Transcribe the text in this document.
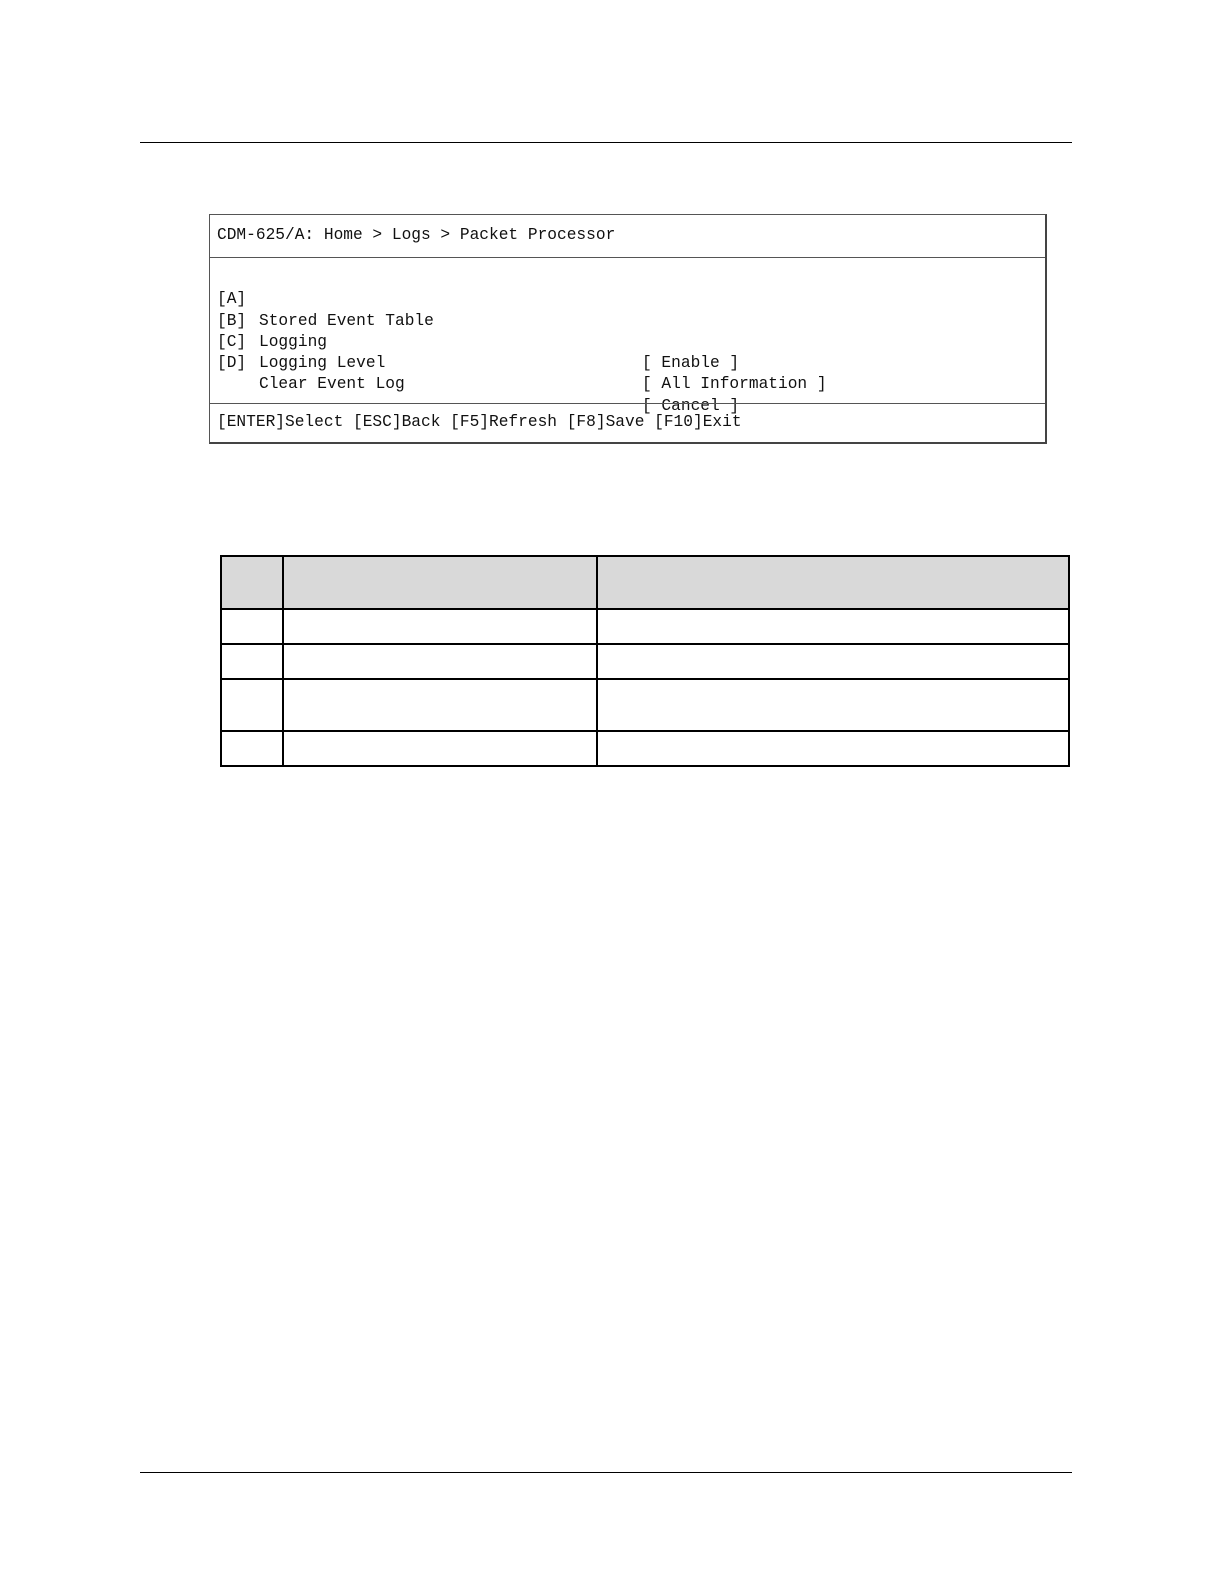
CDM-625/A: Home > Logs > Packet Processor

[A]

Stored Event Table

[B]

Logging

[ Enable ]

[C]

Logging Level

[ All Information ]

[D]

Clear Event Log

[ Cancel ]

[ENTER]Select [ESC]Back [F5]Refresh [F8]Save [F10]Exit
